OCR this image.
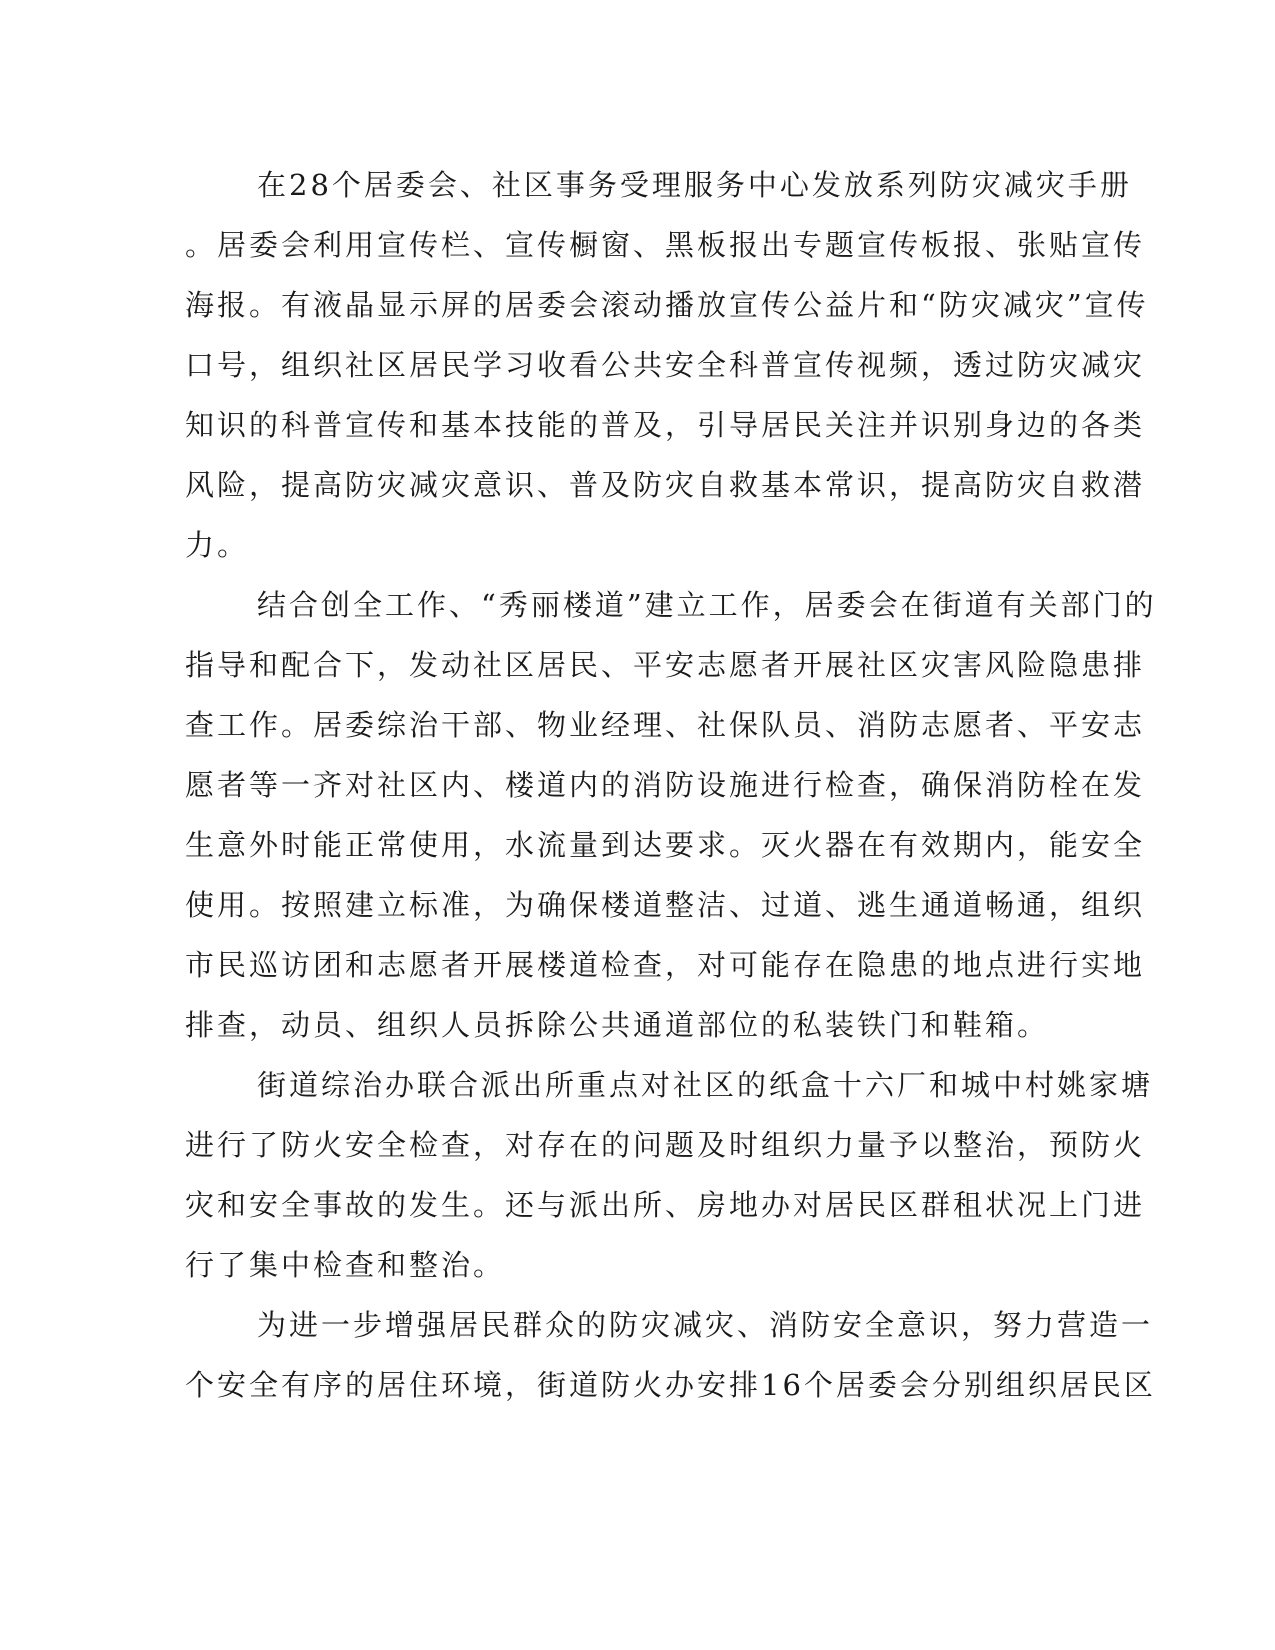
在28个居委会、社区事务受理服务中心发放系列防灾减灾手册
。居委会利用宣传栏、宣传橱窗、黑板报出专题宣传板报、张贴宣传
海报。有液晶显示屏的居委会滚动播放宣传公益片和“防灾减灾”宣传
口号，组织社区居民学习收看公共安全科普宣传视频，透过防灾减灾
知识的科普宣传和基本技能的普及，引导居民关注并识别身边的各类
风险，提高防灾减灾意识、普及防灾自救基本常识，提高防灾自救潜
力。
结合创全工作、“秀丽楼道”建立工作，居委会在街道有关部门的
指导和配合下，发动社区居民、平安志愿者开展社区灾害风险隐患排
查工作。居委综治干部、物业经理、社保队员、消防志愿者、平安志
愿者等一齐对社区内、楼道内的消防设施进行检查，确保消防栓在发
生意外时能正常使用，水流量到达要求。灭火器在有效期内，能安全
使用。按照建立标准，为确保楼道整洁、过道、逃生通道畅通，组织
市民巡访团和志愿者开展楼道检查，对可能存在隐患的地点进行实地
排查，动员、组织人员拆除公共通道部位的私装铁门和鞋箱。
街道综治办联合派出所重点对社区的纸盒十六厂和城中村姚家塘
进行了防火安全检查，对存在的问题及时组织力量予以整治，预防火
灾和安全事故的发生。还与派出所、房地办对居民区群租状况上门进
行了集中检查和整治。
为进一步增强居民群众的防灾减灾、消防安全意识，努力营造一
个安全有序的居住环境，街道防火办安排16个居委会分别组织居民区
